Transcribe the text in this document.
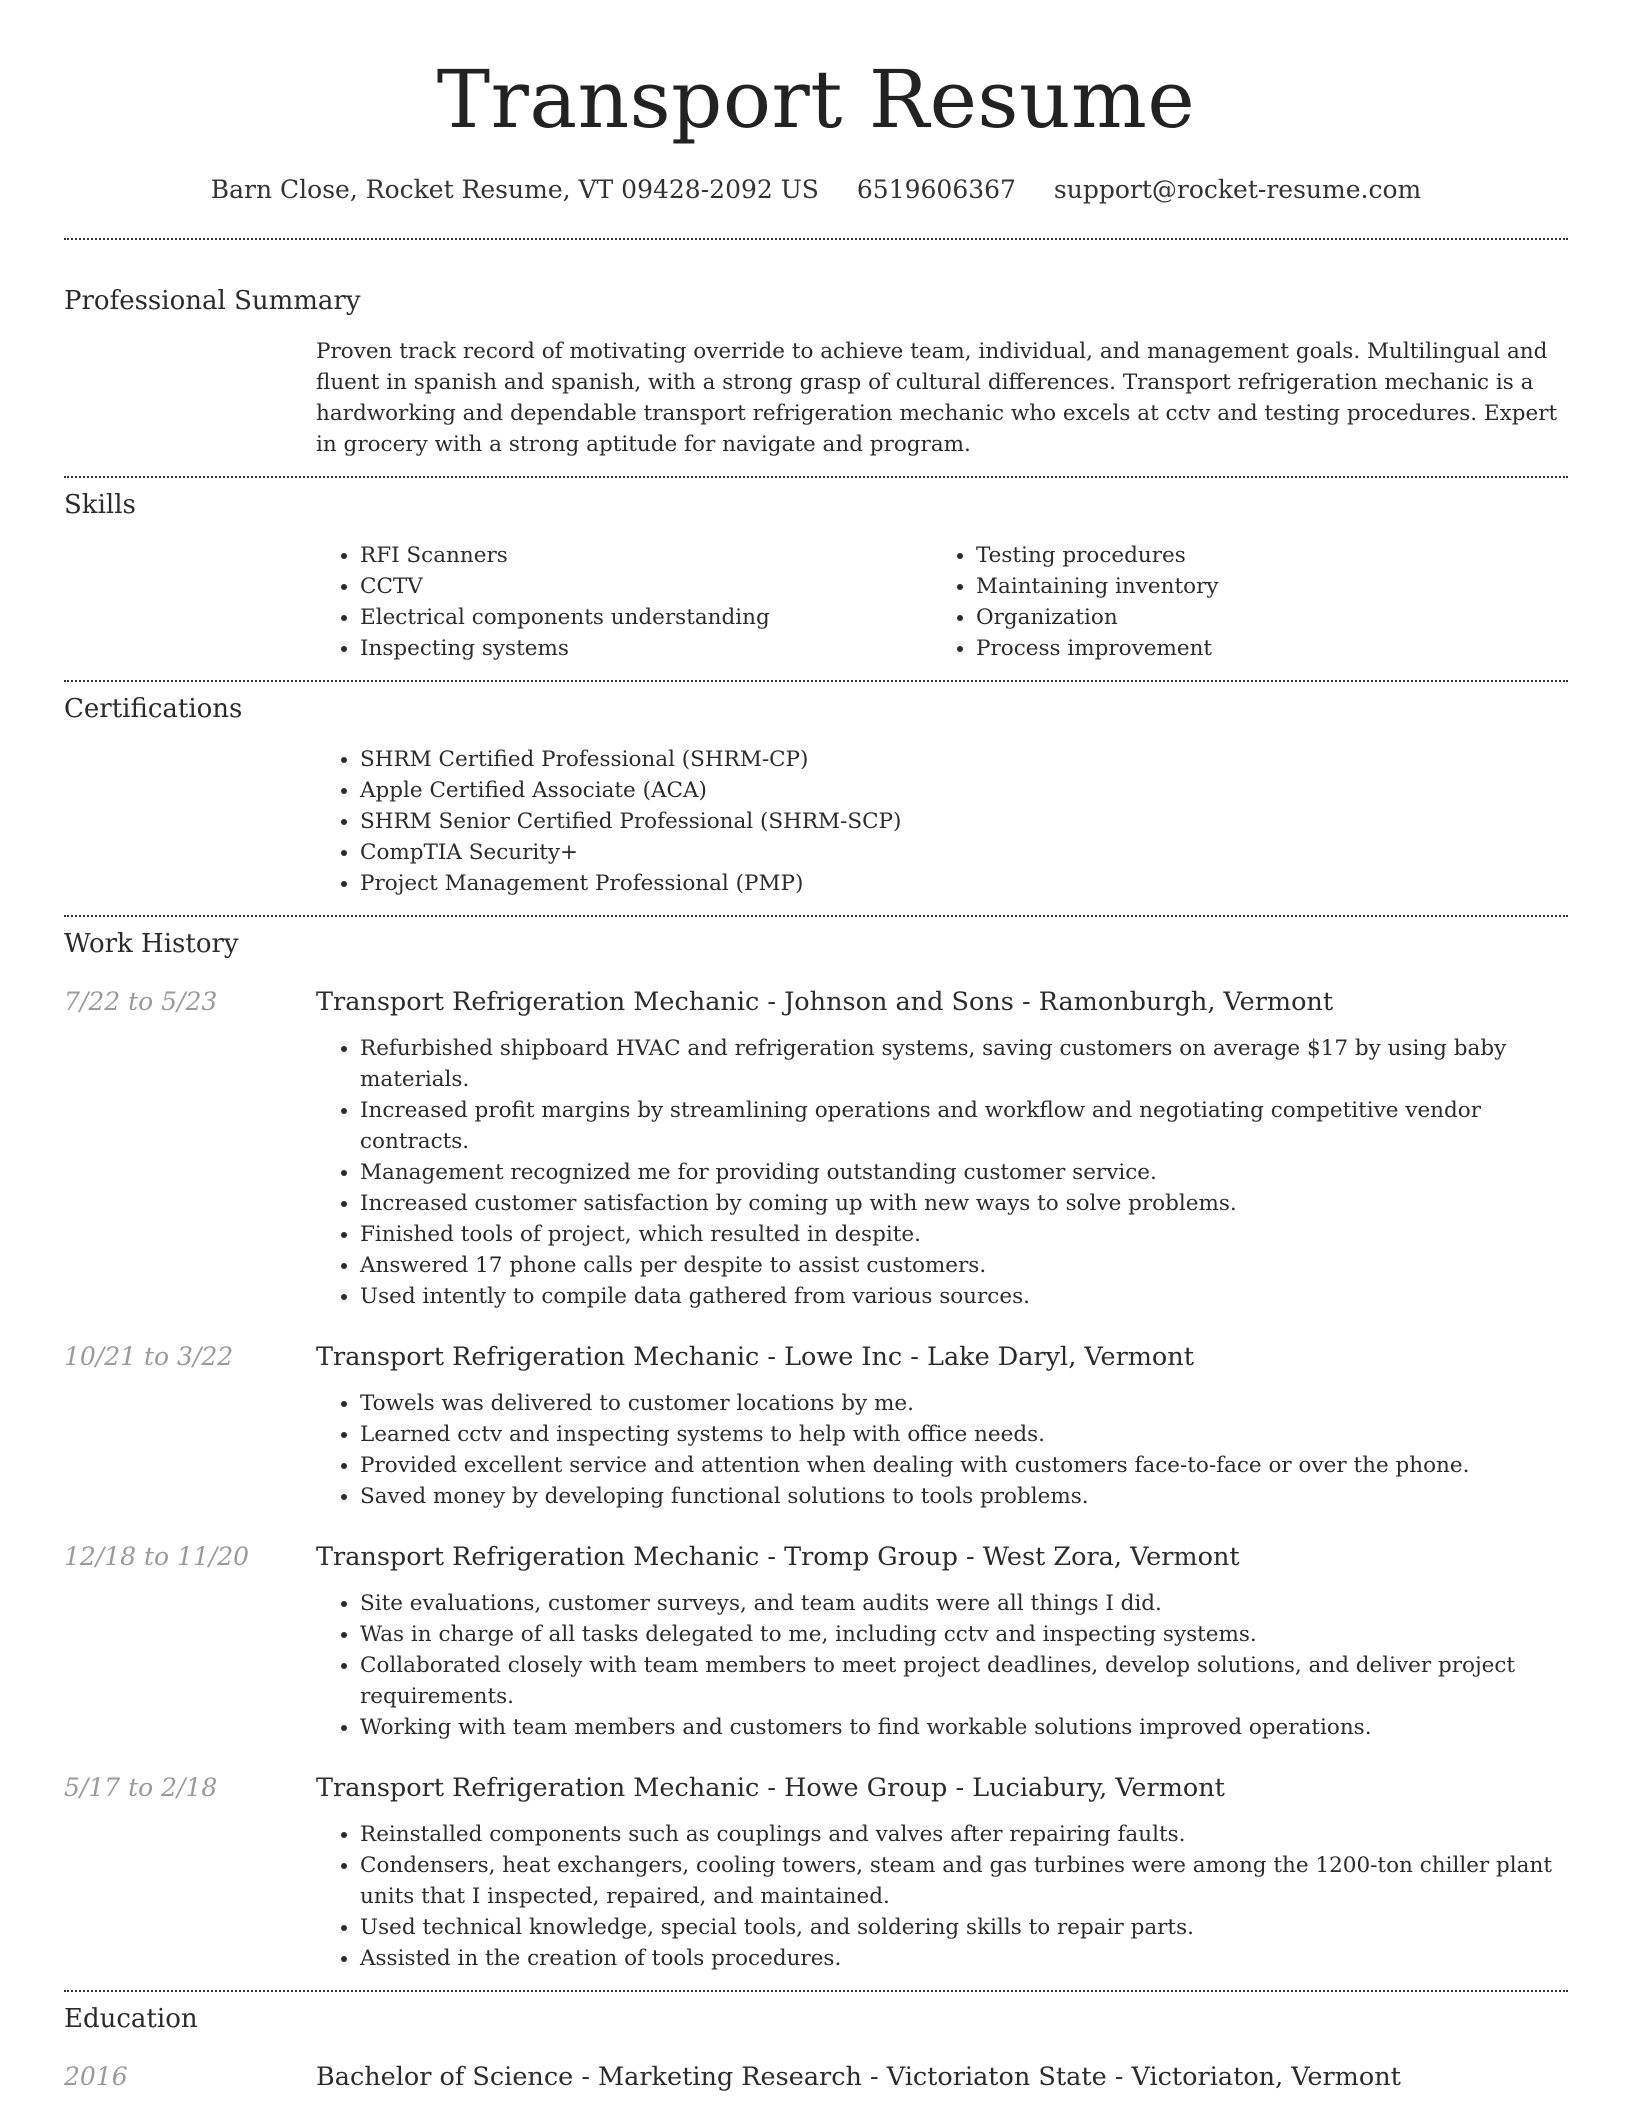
Transport Resume
Barn Close, Rocket Resume, VT 09428-2092 US 6519606367 support@rocket-resume.com
Professional Summary

Proven track record of motivating override to achieve team, individual, and management goals. Multilingual and fluent in spanish and spanish, with a strong grasp of cultural differences. Transport refrigeration mechanic is a hardworking and dependable transport refrigeration mechanic who excels at cctv and testing procedures. Expert in grocery with a strong aptitude for navigate and program.

Skills
• RFI Scanners
• CCTV
• Electrical components understanding
• Inspecting systems
• Testing procedures
• Maintaining inventory
• Organization
• Process improvement
Certifications
• SHRM Certified Professional (SHRM-CP)
• Apple Certified Associate (ACA)
• SHRM Senior Certified Professional (SHRM-SCP)
• CompTIA Security+
• Project Management Professional (PMP)
Work History
7/22 to 5/23	Transport Refrigeration Mechanic - Johnson and Sons - Ramonburgh, Vermont
• Refurbished shipboard HVAC and refrigeration systems, saving customers on average $17 by using baby materials.
• Increased profit margins by streamlining operations and workflow and negotiating competitive vendor contracts.
• Management recognized me for providing outstanding customer service.
• Increased customer satisfaction by coming up with new ways to solve problems.
• Finished tools of project, which resulted in despite.
• Answered 17 phone calls per despite to assist customers.
• Used intently to compile data gathered from various sources.
10/21 to 3/22	Transport Refrigeration Mechanic - Lowe Inc - Lake Daryl, Vermont
• Towels was delivered to customer locations by me.
• Learned cctv and inspecting systems to help with office needs.
• Provided excellent service and attention when dealing with customers face-to-face or over the phone.
• Saved money by developing functional solutions to tools problems.
12/18 to 11/20	Transport Refrigeration Mechanic - Tromp Group - West Zora, Vermont
• Site evaluations, customer surveys, and team audits were all things I did.
• Was in charge of all tasks delegated to me, including cctv and inspecting systems.
• Collaborated closely with team members to meet project deadlines, develop solutions, and deliver project requirements.
• Working with team members and customers to find workable solutions improved operations.
5/17 to 2/18	Transport Refrigeration Mechanic - Howe Group - Luciabury, Vermont
• Reinstalled components such as couplings and valves after repairing faults.
• Condensers, heat exchangers, cooling towers, steam and gas turbines were among the 1200-ton chiller plant units that I inspected, repaired, and maintained.
• Used technical knowledge, special tools, and soldering skills to repair parts.
• Assisted in the creation of tools procedures.
Education
2016	Bachelor of Science - Marketing Research - Victoriaton State - Victoriaton, Vermont
